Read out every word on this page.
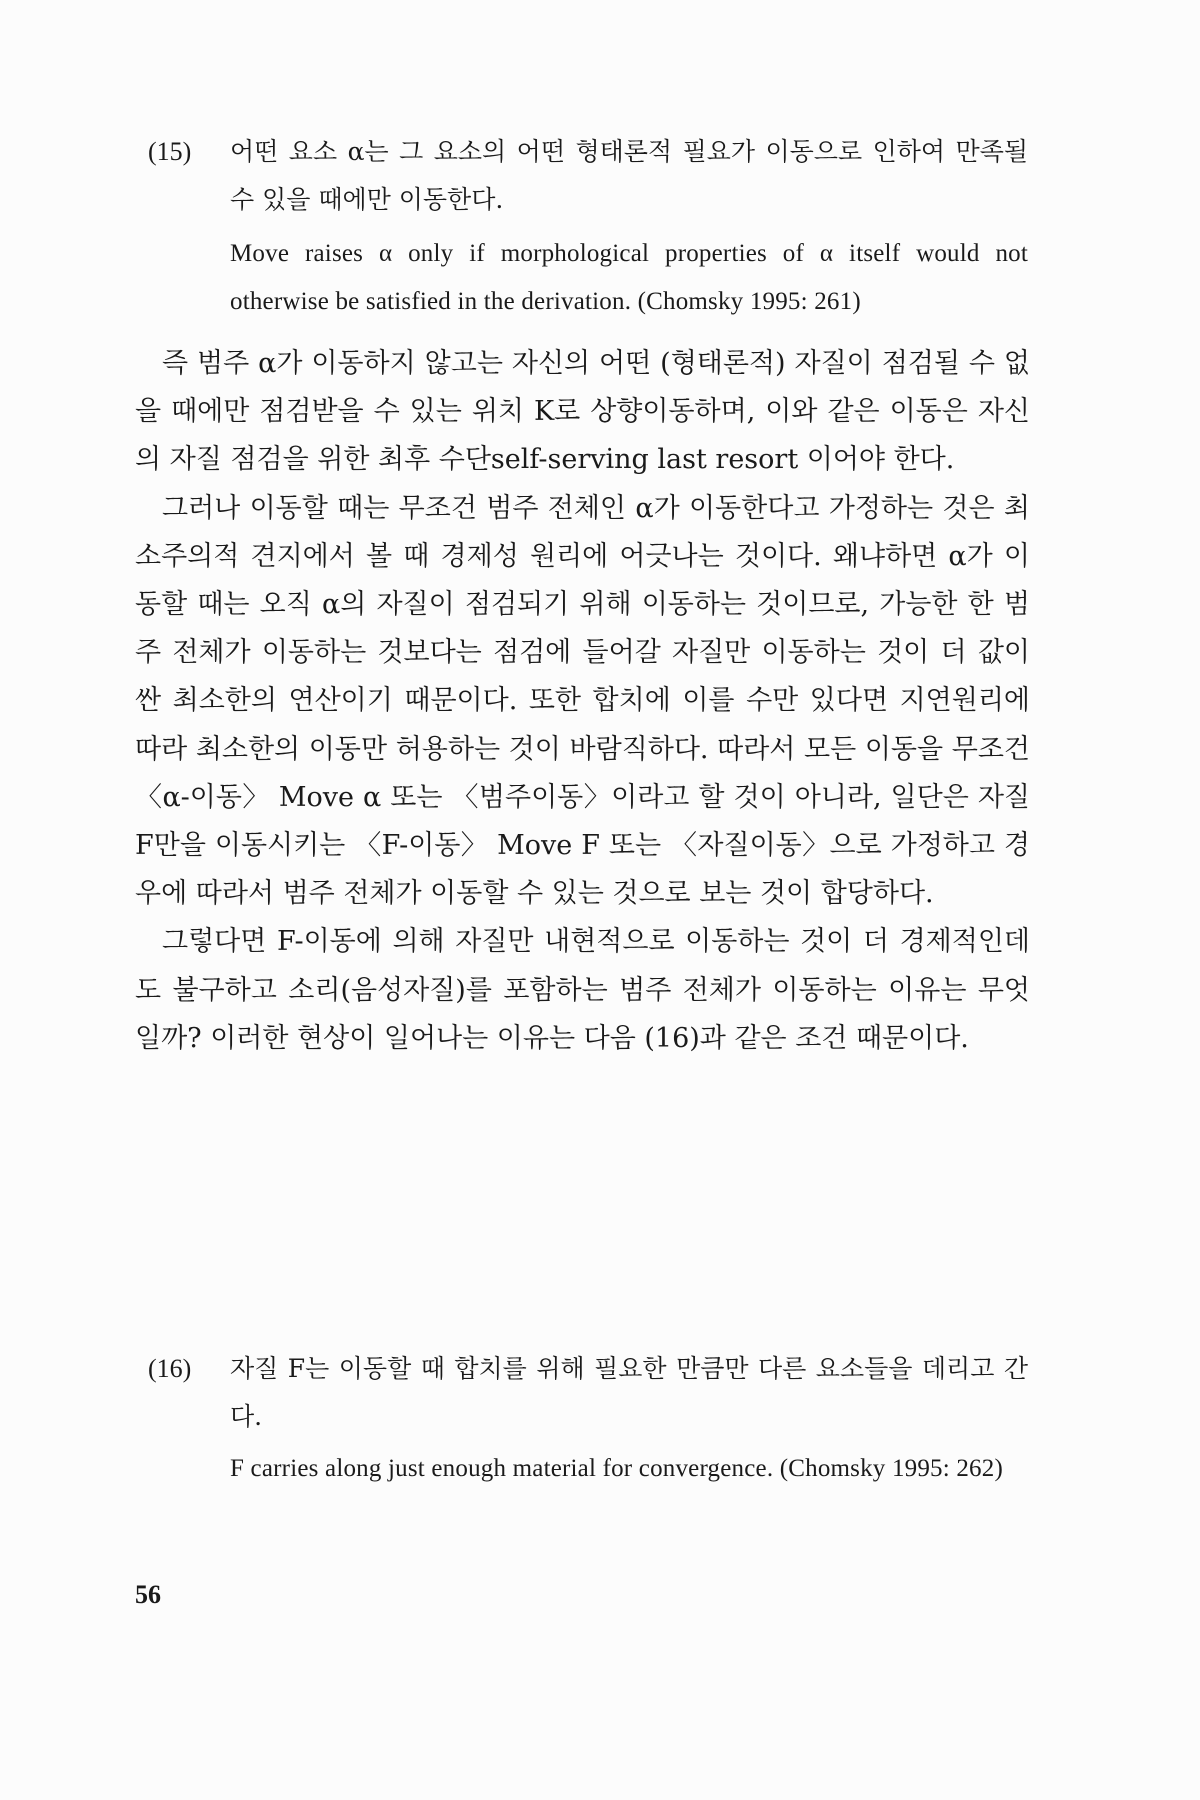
(15) 어떤 요소 α는 그 요소의 어떤 형태론적 필요가 이동으로 인하여 만족될 수 있을 때에만 이동한다.
Move raises α only if morphological properties of α itself would not otherwise be satisfied in the derivation. (Chomsky 1995: 261)

즉 범주 α가 이동하지 않고는 자신의 어떤 (형태론적) 자질이 점검될 수 없을 때에만 점검받을 수 있는 위치 K로 상향이동하며, 이와 같은 이동은 자신의 자질 점검을 위한 최후 수단self-serving last resort 이어야 한다.

그러나 이동할 때는 무조건 범주 전체인 α가 이동한다고 가정하는 것은 최소주의적 견지에서 볼 때 경제성 원리에 어긋나는 것이다. 왜냐하면 α가 이동할 때는 오직 α의 자질이 점검되기 위해 이동하는 것이므로, 가능한 한 범주 전체가 이동하는 것보다는 점검에 들어갈 자질만 이동하는 것이 더 값이 싼 최소한의 연산이기 때문이다. 또한 합치에 이를 수만 있다면 지연원리에 따라 최소한의 이동만 허용하는 것이 바람직하다. 따라서 모든 이동을 무조건 〈α-이동〉 Move α 또는 〈범주이동〉이라고 할 것이 아니라, 일단은 자질 F만을 이동시키는 〈F-이동〉 Move F 또는 〈자질이동〉으로 가정하고 경우에 따라서 범주 전체가 이동할 수 있는 것으로 보는 것이 합당하다.

그렇다면 F-이동에 의해 자질만 내현적으로 이동하는 것이 더 경제적인데도 불구하고 소리(음성자질)를 포함하는 범주 전체가 이동하는 이유는 무엇일까? 이러한 현상이 일어나는 이유는 다음 (16)과 같은 조건 때문이다.

(16) 자질 F는 이동할 때 합치를 위해 필요한 만큼만 다른 요소들을 데리고 간다.
F carries along just enough material for convergence. (Chomsky 1995: 262)
56
